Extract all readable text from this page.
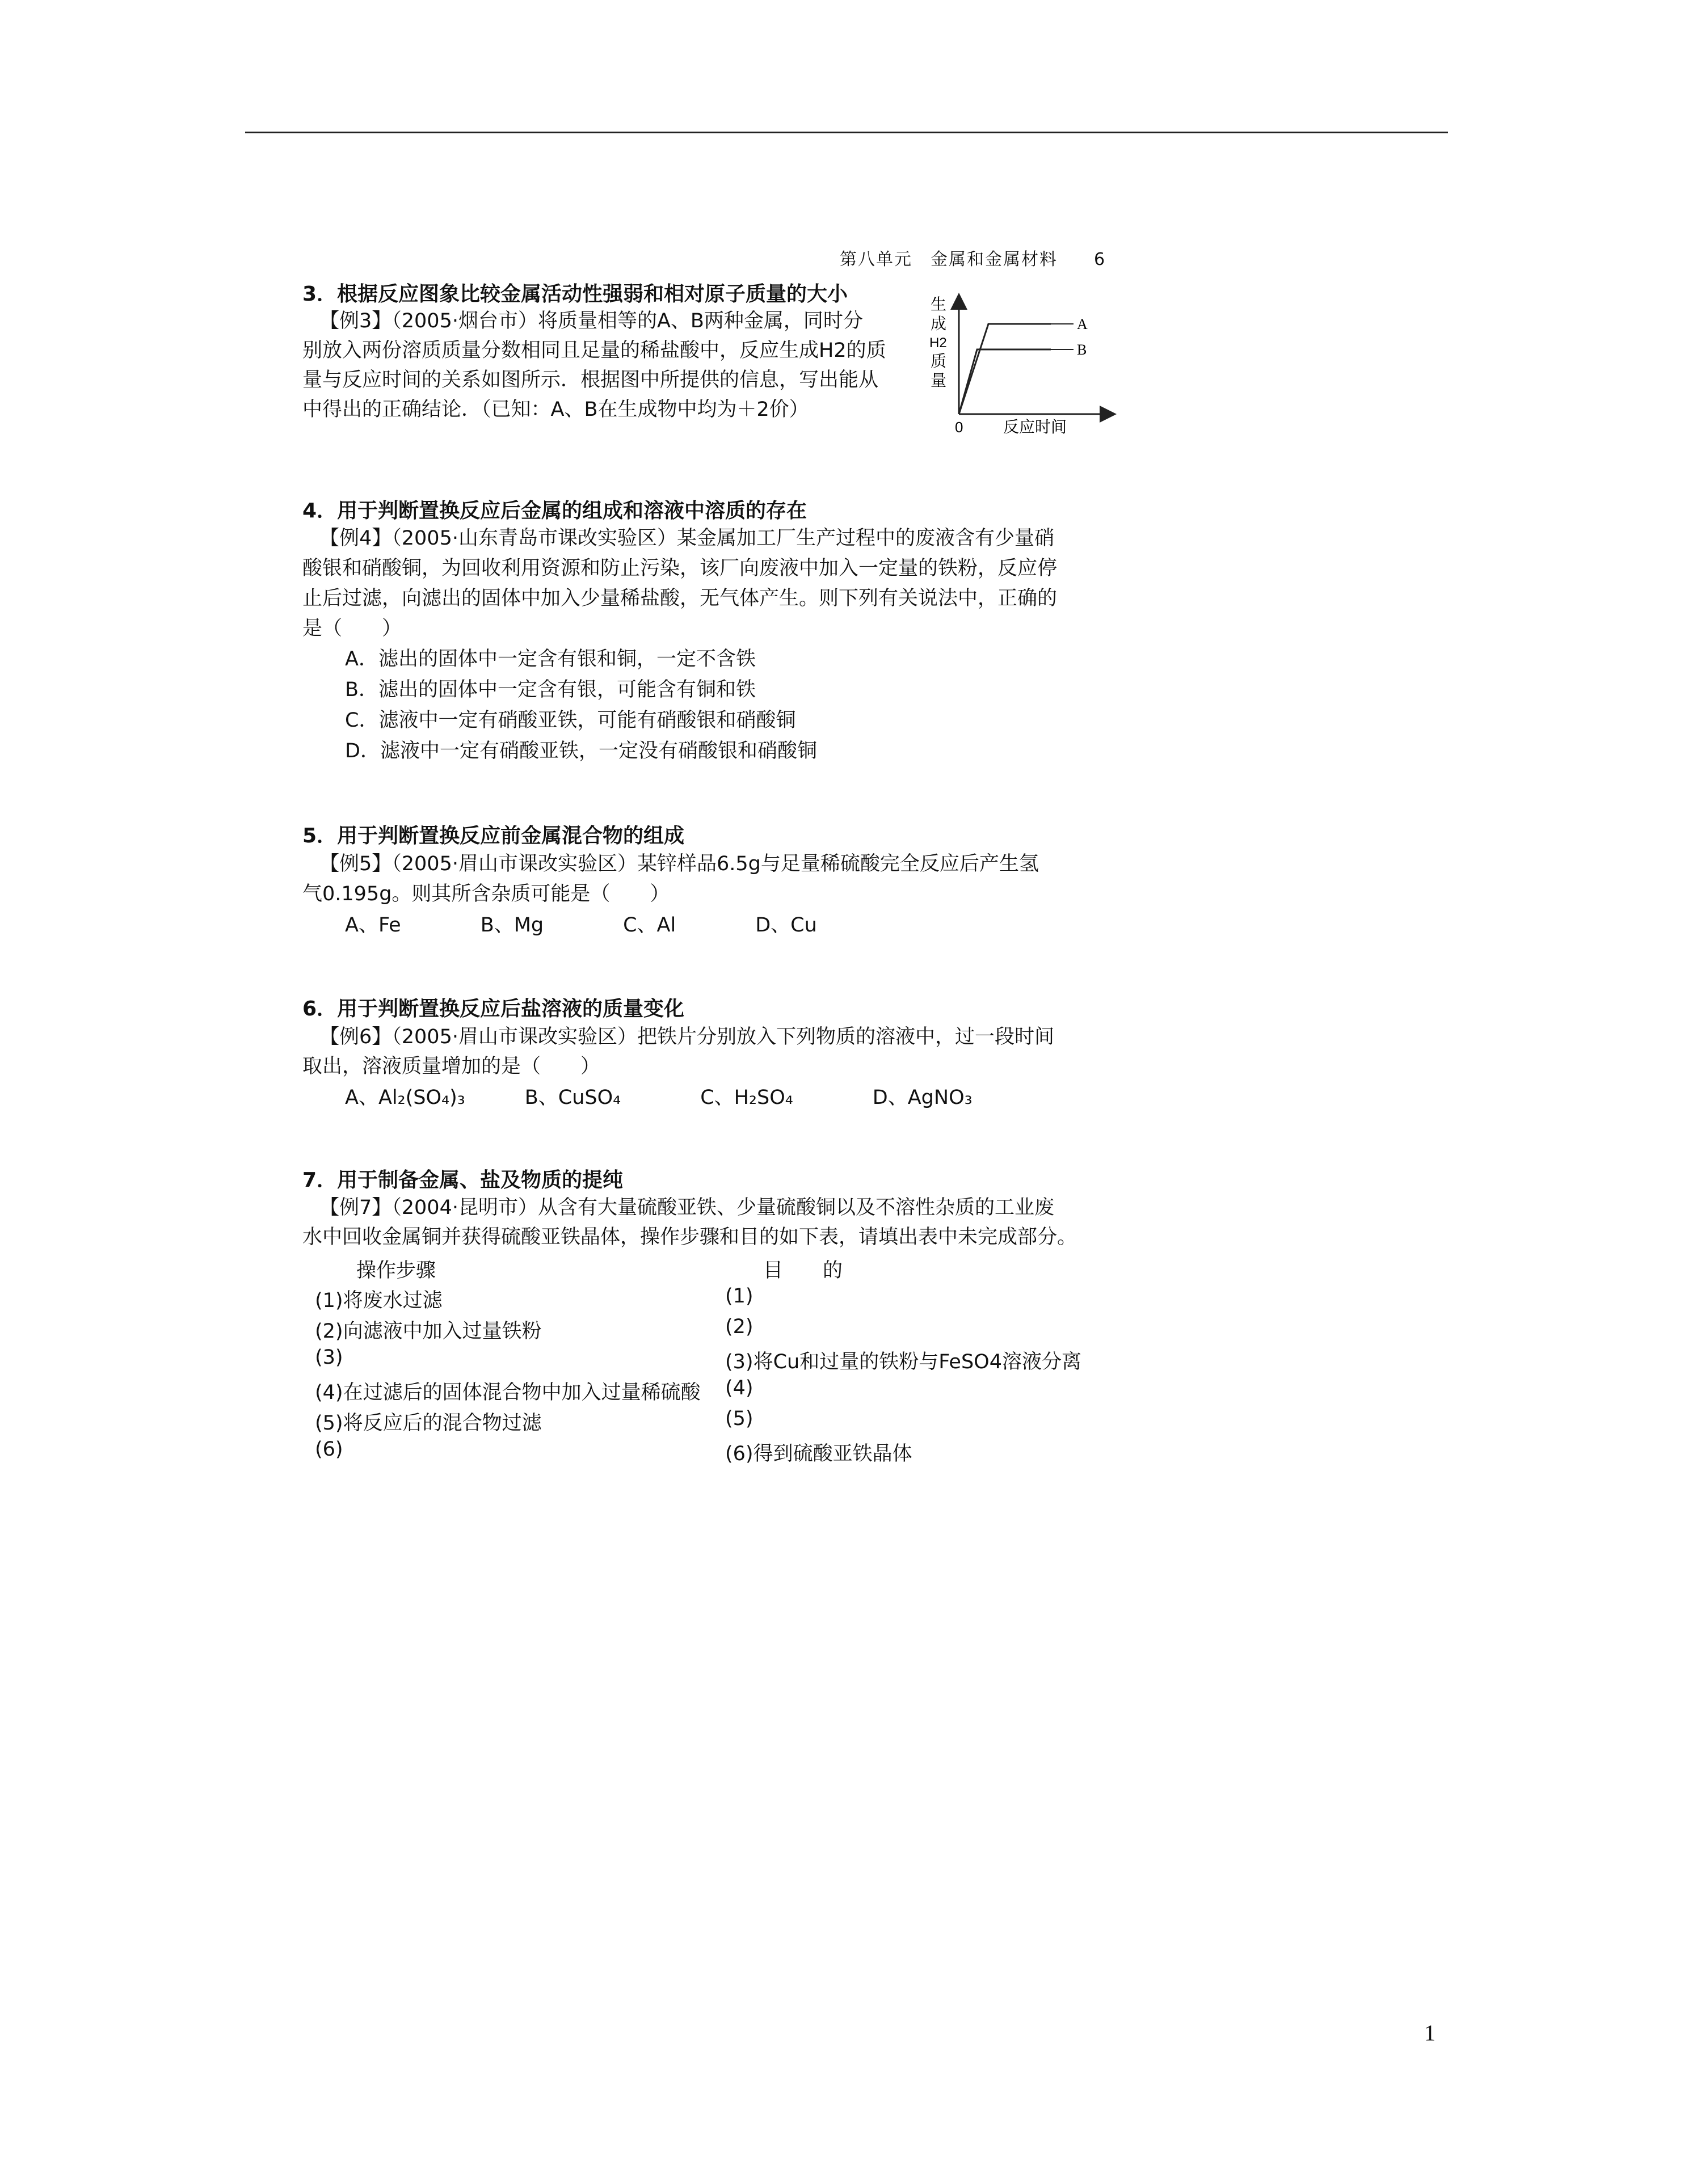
第八单元　金属和金属材料　　6
3．根据反应图象比较金属活动性强弱和相对原子质量的大小
【例3】（2005·烟台市）将质量相等的A、B两种金属，同时分
别放入两份溶质质量分数相同且足量的稀盐酸中，反应生成H2的质
量与反应时间的关系如图所示．根据图中所提供的信息，写出能从
中得出的正确结论．（已知：A、B在生成物中均为＋2价）
4．用于判断置换反应后金属的组成和溶液中溶质的存在
【例4】（2005·山东青岛市课改实验区）某金属加工厂生产过程中的废液含有少量硝
酸银和硝酸铜，为回收利用资源和防止污染，该厂向废液中加入一定量的铁粉，反应停
止后过滤，向滤出的固体中加入少量稀盐酸，无气体产生。则下列有关说法中，正确的
是（　　）
A．滤出的固体中一定含有银和铜，一定不含铁
B．滤出的固体中一定含有银，可能含有铜和铁
C．滤液中一定有硝酸亚铁，可能有硝酸银和硝酸铜
D．滤液中一定有硝酸亚铁，一定没有硝酸银和硝酸铜
5．用于判断置换反应前金属混合物的组成
【例5】（2005·眉山市课改实验区）某锌样品6.5g与足量稀硫酸完全反应后产生氢
气0.195g。则其所含杂质可能是（　　）
A、Fe　　　　B、Mg　　　　C、Al　　　　D、Cu
6．用于判断置换反应后盐溶液的质量变化
【例6】（2005·眉山市课改实验区）把铁片分别放入下列物质的溶液中，过一段时间
取出，溶液质量增加的是（　　）
A、Al₂(SO₄)₃　　　B、CuSO₄　　　　C、H₂SO₄　　　　D、AgNO₃
7．用于制备金属、盐及物质的提纯
【例7】（2004·昆明市）从含有大量硫酸亚铁、少量硫酸铜以及不溶性杂质的工业废
水中回收金属铜并获得硫酸亚铁晶体，操作步骤和目的如下表，请填出表中未完成部分。
操作步骤	目　　的
(1)将废水过滤	(1)
(2)向滤液中加入过量铁粉	(2)
(3)	(3)将Cu和过量的铁粉与FeSO4溶液分离
(4)在过滤后的固体混合物中加入过量稀硫酸 (4)
(5)将反应后的混合物过滤	(5)
(6)	(6)得到硫酸亚铁晶体
A
B
0	反应时间
生
成
H2
质
量
1
